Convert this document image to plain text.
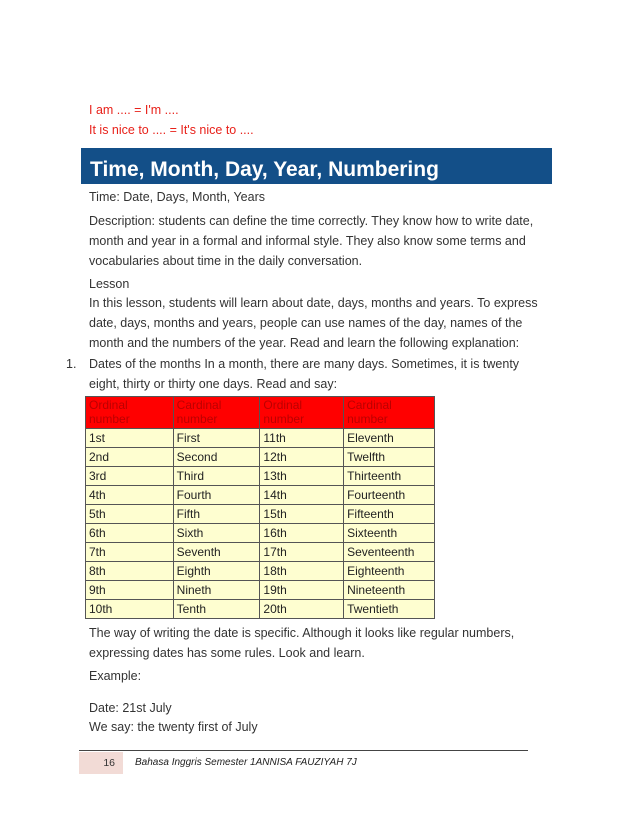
I am .... = I'm ....
It is nice to .... = It's nice to ....
Time, Month, Day, Year, Numbering
Time: Date, Days, Month, Years
Description: students can define the time correctly. They know how to write date, month and year in a formal and informal style. They also know some terms and vocabularies about time in the daily conversation.
Lesson
In this lesson, students will learn about date, days, months and years. To express date, days, months and years, people can use names of the day, names of the month and the numbers of the year. Read and learn the following explanation:
1. Dates of the months In a month, there are many days. Sometimes, it is twenty eight, thirty or thirty one days. Read and say:
Ordinal number	Cardinal number	Ordinal number	Cardinal number
1st	First	11th	Eleventh
2nd	Second	12th	Twelfth
3rd	Third	13th	Thirteenth
4th	Fourth	14th	Fourteenth
5th	Fifth	15th	Fifteenth
6th	Sixth	16th	Sixteenth
7th	Seventh	17th	Seventeenth
8th	Eighth	18th	Eighteenth
9th	Nineth	19th	Nineteenth
10th	Tenth	20th	Twentieth
The way of writing the date is specific. Although it looks like regular numbers, expressing dates has some rules. Look and learn.
Example:
Date: 21st July
We say: the twenty first of July
16	Bahasa Inggris Semester 1ANNISA FAUZIYAH 7J
